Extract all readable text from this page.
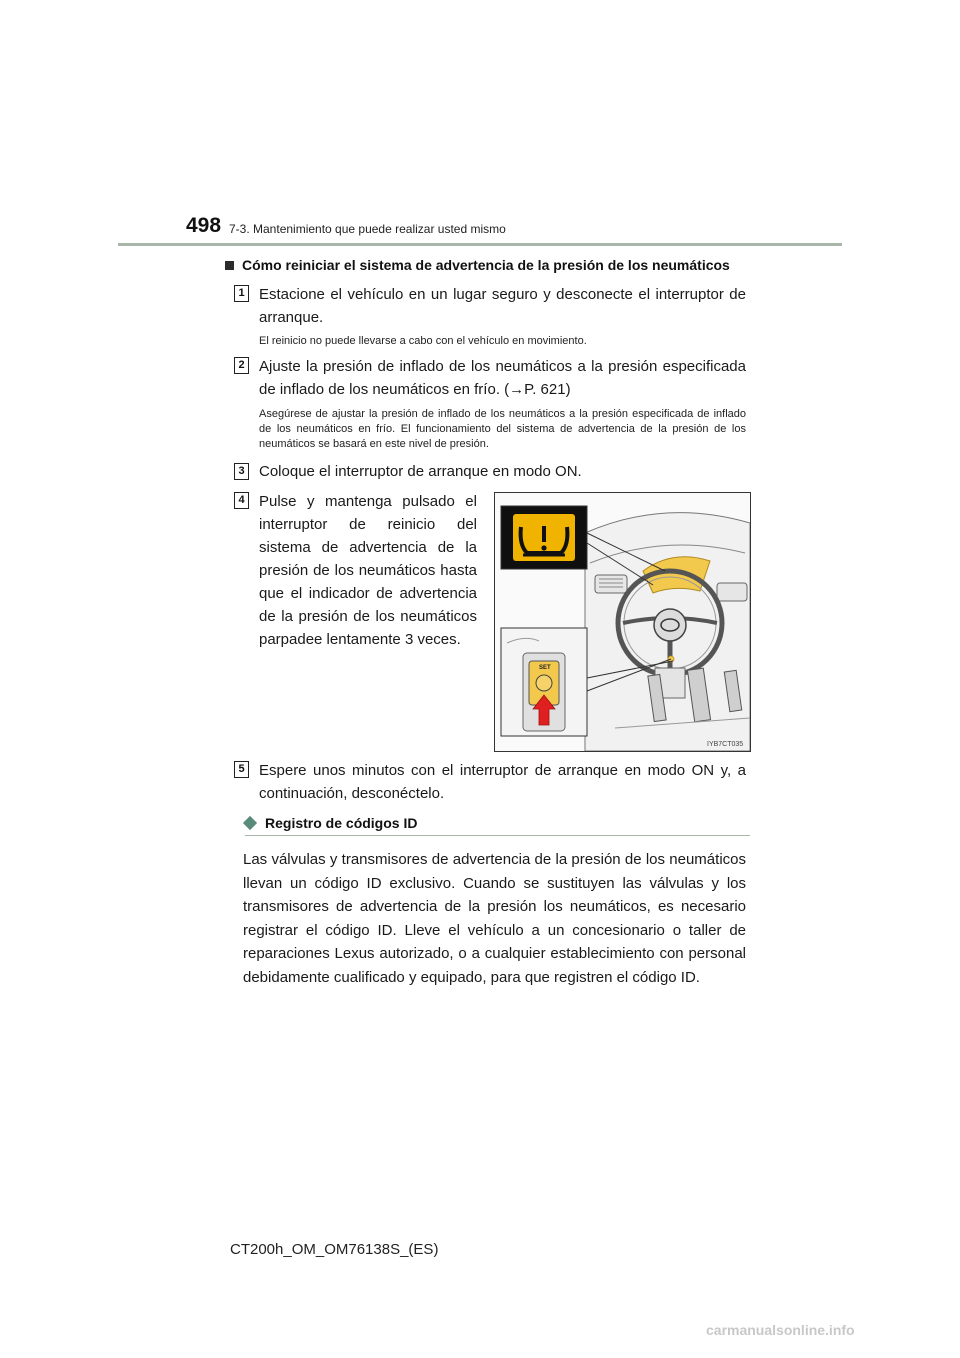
498 7-3. Mantenimiento que puede realizar usted mismo
Cómo reiniciar el sistema de advertencia de la presión de los neumáticos
1 Estacione el vehículo en un lugar seguro y desconecte el interruptor de arranque.
El reinicio no puede llevarse a cabo con el vehículo en movimiento.
2 Ajuste la presión de inflado de los neumáticos a la presión especificada de inflado de los neumáticos en frío. (→P. 621)
Asegúrese de ajustar la presión de inflado de los neumáticos a la presión especificada de inflado de los neumáticos en frío. El funcionamiento del sistema de advertencia de la presión de los neumáticos se basará en este nivel de presión.
3 Coloque el interruptor de arranque en modo ON.
4 Pulse y mantenga pulsado el interruptor de reinicio del sistema de advertencia de la presión de los neumáticos hasta que el indicador de advertencia de la presión de los neumáticos parpadee lentamente 3 veces.
SET
IYB7CT035
5 Espere unos minutos con el interruptor de arranque en modo ON y, a continuación, desconéctelo.
Registro de códigos ID
Las válvulas y transmisores de advertencia de la presión de los neumáticos llevan un código ID exclusivo. Cuando se sustituyen las válvulas y los transmisores de advertencia de la presión los neumáticos, es necesario registrar el código ID. Lleve el vehículo a un concesionario o taller de reparaciones Lexus autorizado, o a cualquier establecimiento con personal debidamente cualificado y equipado, para que registren el código ID.
CT200h_OM_OM76138S_(ES)
carmanualsonline.info
